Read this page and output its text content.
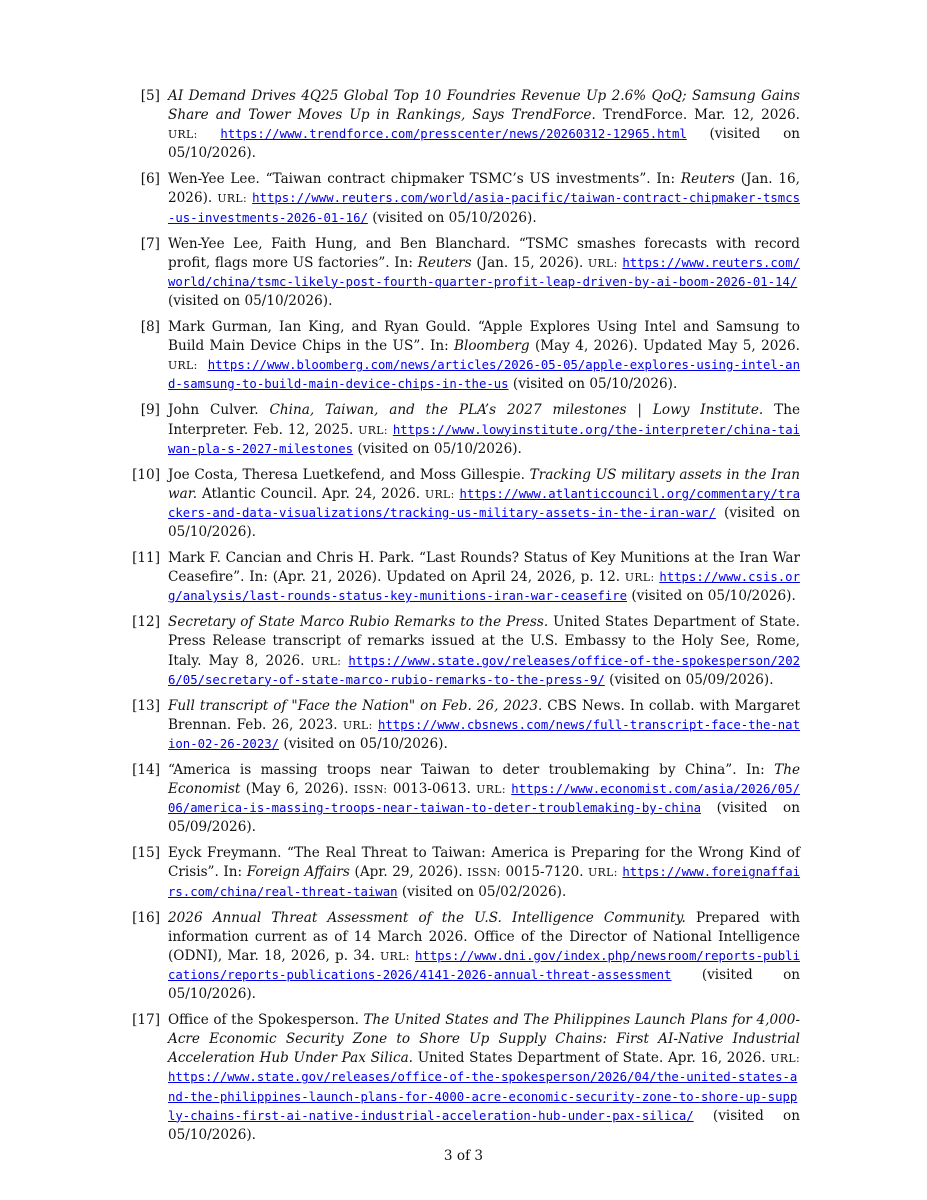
[5] AI Demand Drives 4Q25 Global Top 10 Foundries Revenue Up 2.6% QoQ; Samsung Gains Share and Tower Moves Up in Rankings, Says TrendForce. TrendForce. Mar. 12, 2026. URL: https://www.trendforce.com/presscenter/news/20260312-12965.html (visited on 05/10/2026).
[6] Wen-Yee Lee. “Taiwan contract chipmaker TSMC’s US investments”. In: Reuters (Jan. 16, 2026). URL: https://www.reuters.com/world/asia-pacific/taiwan-contract-chipmaker-tsmcs-us-investments-2026-01-16/ (visited on 05/10/2026).
[7] Wen-Yee Lee, Faith Hung, and Ben Blanchard. “TSMC smashes forecasts with record profit, flags more US factories”. In: Reuters (Jan. 15, 2026). URL: https://www.reuters.com/world/china/tsmc-likely-post-fourth-quarter-profit-leap-driven-by-ai-boom-2026-01-14/ (visited on 05/10/2026).
[8] Mark Gurman, Ian King, and Ryan Gould. “Apple Explores Using Intel and Samsung to Build Main Device Chips in the US”. In: Bloomberg (May 4, 2026). Updated May 5, 2026. URL: https://www.bloomberg.com/news/articles/2026-05-05/apple-explores-using-intel-and-samsung-to-build-main-device-chips-in-the-us (visited on 05/10/2026).
[9] John Culver. China, Taiwan, and the PLA’s 2027 milestones | Lowy Institute. The Interpreter. Feb. 12, 2025. URL: https://www.lowyinstitute.org/the-interpreter/china-taiwan-pla-s-2027-milestones (visited on 05/10/2026).
[10] Joe Costa, Theresa Luetkefend, and Moss Gillespie. Tracking US military assets in the Iran war. Atlantic Council. Apr. 24, 2026. URL: https://www.atlanticcouncil.org/commentary/trackers-and-data-visualizations/tracking-us-military-assets-in-the-iran-war/ (visited on 05/10/2026).
[11] Mark F. Cancian and Chris H. Park. “Last Rounds? Status of Key Munitions at the Iran War Ceasefire”. In: (Apr. 21, 2026). Updated on April 24, 2026, p. 12. URL: https://www.csis.org/analysis/last-rounds-status-key-munitions-iran-war-ceasefire (visited on 05/10/2026).
[12] Secretary of State Marco Rubio Remarks to the Press. United States Department of State. Press Release transcript of remarks issued at the U.S. Embassy to the Holy See, Rome, Italy. May 8, 2026. URL: https://www.state.gov/releases/office-of-the-spokesperson/2026/05/secretary-of-state-marco-rubio-remarks-to-the-press-9/ (visited on 05/09/2026).
[13] Full transcript of "Face the Nation" on Feb. 26, 2023. CBS News. In collab. with Margaret Brennan. Feb. 26, 2023. URL: https://www.cbsnews.com/news/full-transcript-face-the-nation-02-26-2023/ (visited on 05/10/2026).
[14] “America is massing troops near Taiwan to deter troublemaking by China”. In: The Economist (May 6, 2026). ISSN: 0013-0613. URL: https://www.economist.com/asia/2026/05/06/america-is-massing-troops-near-taiwan-to-deter-troublemaking-by-china (visited on 05/09/2026).
[15] Eyck Freymann. “The Real Threat to Taiwan: America is Preparing for the Wrong Kind of Crisis”. In: Foreign Affairs (Apr. 29, 2026). ISSN: 0015-7120. URL: https://www.foreignaffairs.com/china/real-threat-taiwan (visited on 05/02/2026).
[16] 2026 Annual Threat Assessment of the U.S. Intelligence Community. Prepared with information current as of 14 March 2026. Office of the Director of National Intelligence (ODNI), Mar. 18, 2026, p. 34. URL: https://www.dni.gov/index.php/newsroom/reports-publications/reports-publications-2026/4141-2026-annual-threat-assessment (visited on 05/10/2026).
[17] Office of the Spokesperson. The United States and The Philippines Launch Plans for 4,000-Acre Economic Security Zone to Shore Up Supply Chains: First AI-Native Industrial Acceleration Hub Under Pax Silica. United States Department of State. Apr. 16, 2026. URL: https://www.state.gov/releases/office-of-the-spokesperson/2026/04/the-united-states-and-the-philippines-launch-plans-for-4000-acre-economic-security-zone-to-shore-up-supply-chains-first-ai-native-industrial-acceleration-hub-under-pax-silica/ (visited on 05/10/2026).
3 of 3
